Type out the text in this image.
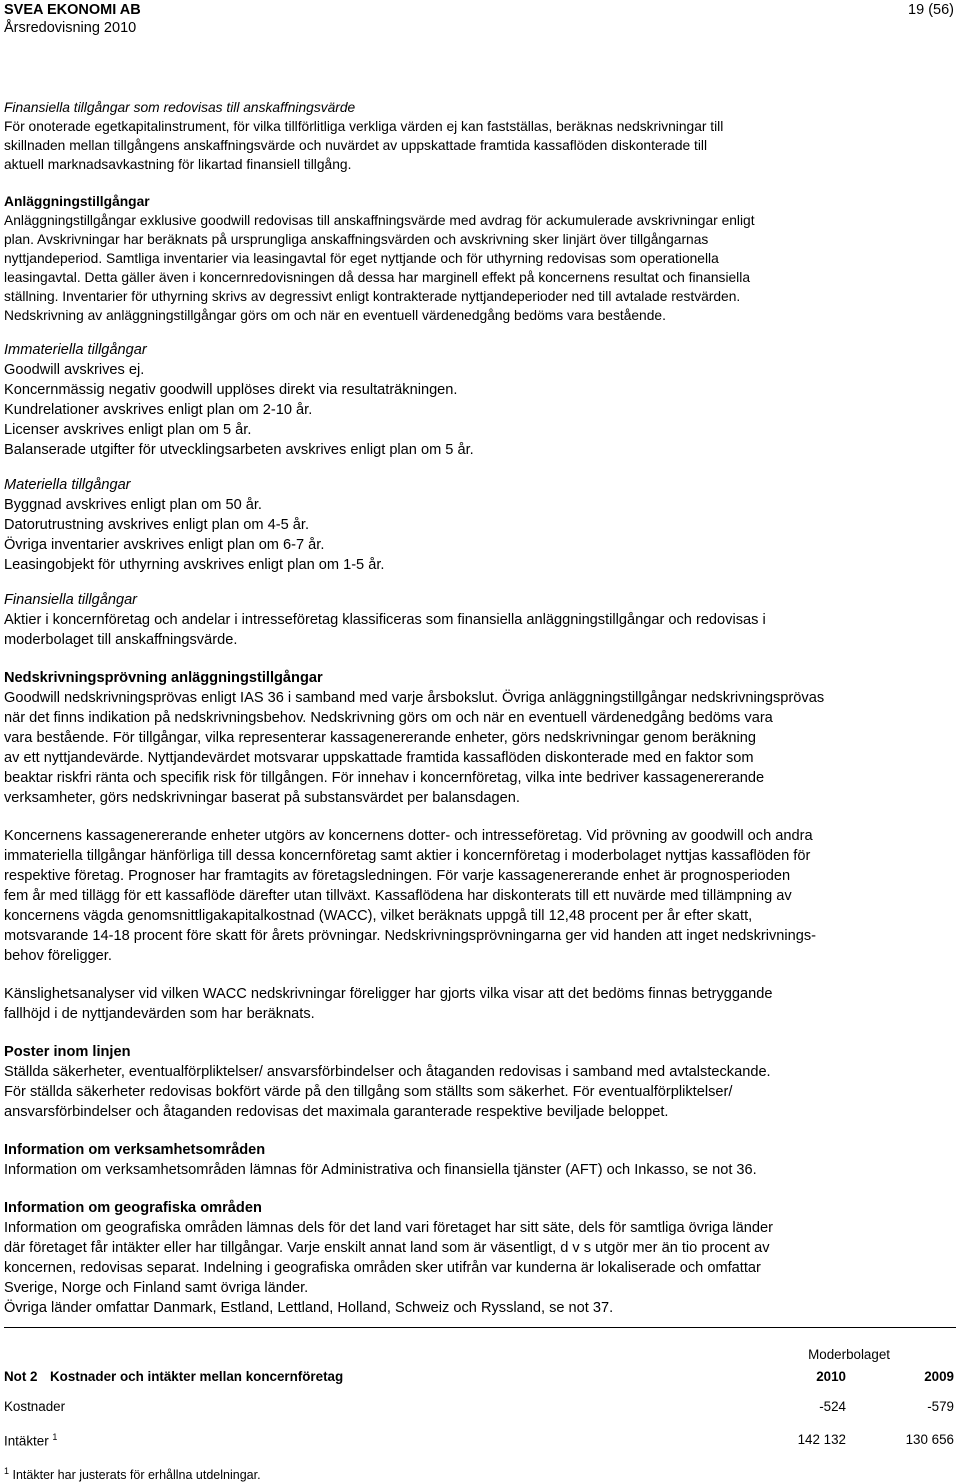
SVEA EKONOMI AB
Årsredovisning 2010
19 (56)

Finansiella tillgångar som redovisas till anskaffningsvärde

För onoterade egetkapitalinstrument, för vilka tillförlitliga verkliga värden ej kan fastställas, beräknas nedskrivningar till

skillnaden mellan tillgångens anskaffningsvärde och nuvärdet av uppskattade framtida kassaflöden diskonterade till

aktuell marknadsavkastning för likartad finansiell tillgång.

Anläggningstillgångar

Anläggningstillgångar exklusive goodwill redovisas till anskaffningsvärde med avdrag för ackumulerade avskrivningar enligt

plan. Avskrivningar har beräknats på ursprungliga anskaffningsvärden och avskrivning sker linjärt över tillgångarnas

nyttjandeperiod. Samtliga inventarier via leasingavtal för eget nyttjande och för uthyrning redovisas som operationella

leasingavtal. Detta gäller även i koncernredovisningen då dessa har marginell effekt på koncernens resultat och finansiella

ställning. Inventarier för uthyrning skrivs av degressivt enligt kontrakterade nyttjandeperioder ned till avtalade restvärden.

Nedskrivning av anläggningstillgångar görs om och när en eventuell värdenedgång bedöms vara bestående.

Immateriella tillgångar

Goodwill avskrives ej.

Koncernmässig negativ goodwill upplöses direkt via resultaträkningen.

Kundrelationer avskrives enligt plan om 2-10 år.

Licenser avskrives enligt plan om 5 år.

Balanserade utgifter för utvecklingsarbeten avskrives enligt plan om 5 år.

Materiella tillgångar

Byggnad avskrives enligt plan om 50 år.

Datorutrustning avskrives enligt plan om 4-5 år.

Övriga inventarier avskrives enligt plan om 6-7 år.

Leasingobjekt för uthyrning avskrives enligt plan om 1-5 år.

Finansiella tillgångar

Aktier i koncernföretag och andelar i intresseföretag klassificeras som finansiella anläggningstillgångar och redovisas i

moderbolaget till anskaffningsvärde.

Nedskrivningsprövning anläggningstillgångar

Goodwill nedskrivningsprövas enligt IAS 36 i samband med varje årsbokslut. Övriga anläggningstillgångar nedskrivningsprövas

när det finns indikation på nedskrivningsbehov. Nedskrivning görs om och när en eventuell värdenedgång bedöms vara

vara bestående. För tillgångar, vilka representerar kassagenererande enheter, görs nedskrivningar genom beräkning

av ett nyttjandevärde. Nyttjandevärdet motsvarar uppskattade framtida kassaflöden diskonterade med en faktor som

beaktar riskfri ränta och specifik risk för tillgången. För innehav i koncernföretag, vilka inte bedriver kassagenererande

verksamheter, görs nedskrivningar baserat på substansvärdet per balansdagen.

Koncernens kassagenererande enheter utgörs av koncernens dotter- och intresseföretag. Vid prövning av goodwill och andra

immateriella tillgångar hänförliga till dessa koncernföretag samt aktier i koncernföretag i moderbolaget nyttjas kassaflöden för

respektive företag. Prognoser har framtagits av företagsledningen. För varje kassagenererande enhet är prognosperioden

fem år med tillägg för ett kassaflöde därefter utan tillväxt. Kassaflödena har diskonterats till ett nuvärde med tillämpning av

koncernens vägda genomsnittligakapitalkostnad (WACC), vilket beräknats uppgå till 12,48 procent per år efter skatt,

motsvarande 14-18 procent före skatt för årets prövningar. Nedskrivningsprövningarna ger vid handen att inget nedskrivnings-

behov föreligger.

Känslighetsanalyser vid vilken WACC nedskrivningar föreligger har gjorts vilka visar att det bedöms finnas betryggande

fallhöjd i de nyttjandevärden som har beräknats.

Poster inom linjen

Ställda säkerheter, eventualförpliktelser/ ansvarsförbindelser och åtaganden redovisas i samband med avtalsteckande.

För ställda säkerheter redovisas bokfört värde på den tillgång som ställts som säkerhet. För eventualförpliktelser/

ansvarsförbindelser och åtaganden redovisas det maximala garanterade respektive beviljade beloppet.

Information om verksamhetsområden

Information om verksamhetsområden lämnas för Administrativa och finansiella tjänster (AFT) och Inkasso, se not 36.

Information om geografiska områden

Information om geografiska områden lämnas dels för det land vari företaget har sitt säte, dels för samtliga övriga länder

där företaget får intäkter eller har tillgångar. Varje enskilt annat land som är väsentligt, d v s utgör mer än tio procent av

koncernen, redovisas separat. Indelning i geografiska områden sker utifrån var kunderna är lokaliserade och omfattar

Sverige, Norge och Finland samt övriga länder.

Övriga länder omfattar Danmark, Estland, Lettland, Holland, Schweiz och Ryssland, se not 37.

Moderbolaget
Not 2 Kostnader och intäkter mellan koncernföretag	2010	2009
Kostnader	-524	-579
Intäkter $^1$	142 132	130 656
$^1$ Intäkter har justerats för erhållna utdelningar.
